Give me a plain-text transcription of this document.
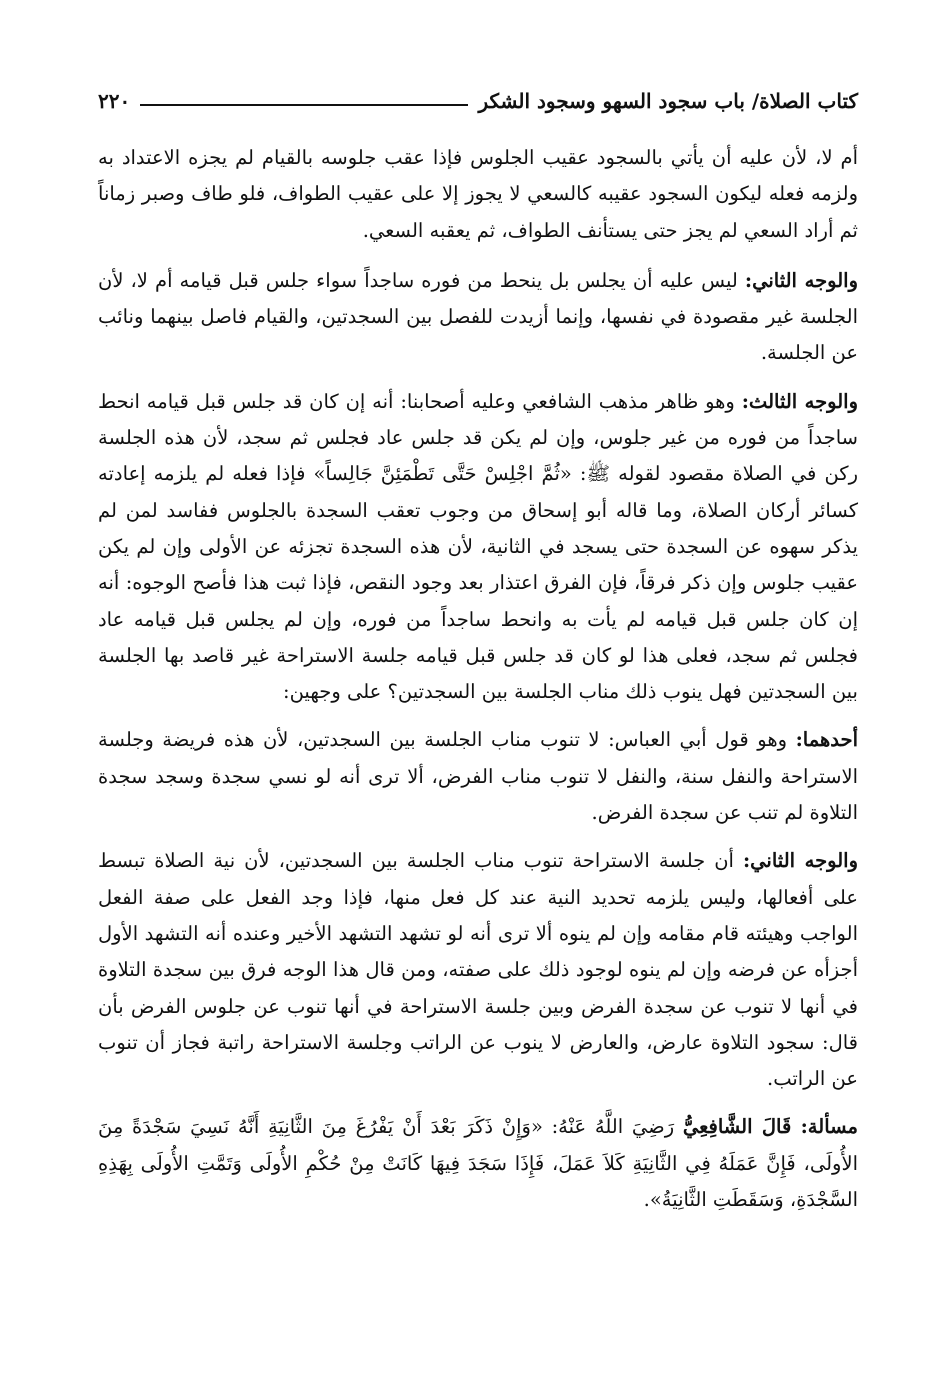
٢٢٠	كتاب الصلاة/ باب سجود السهو وسجود الشكر

أم لا، لأن عليه أن يأتي بالسجود عقيب الجلوس فإذا عقب جلوسه بالقيام لم يجزه الاعتداد به ولزمه فعله ليكون السجود عقيبه كالسعي لا يجوز إلا على عقيب الطواف، فلو طاف وصبر زماناً ثم أراد السعي لم يجز حتى يستأنف الطواف، ثم يعقبه السعي.

والوجه الثاني: ليس عليه أن يجلس بل ينحط من فوره ساجداً سواء جلس قبل قيامه أم لا، لأن الجلسة غير مقصودة في نفسها، وإنما أزيدت للفصل بين السجدتين، والقيام فاصل بينهما ونائب عن الجلسة.

والوجه الثالث: وهو ظاهر مذهب الشافعي وعليه أصحابنا: أنه إن كان قد جلس قبل قيامه انحط ساجداً من فوره من غير جلوس، وإن لم يكن قد جلس عاد فجلس ثم سجد، لأن هذه الجلسة ركن في الصلاة مقصود لقوله ﷺ: «ثُمَّ اجْلِسْ حَتَّى تَطْمَئِنَّ جَالِساً» فإذا فعله لم يلزمه إعادته كسائر أركان الصلاة، وما قاله أبو إسحاق من وجوب تعقب السجدة بالجلوس ففاسد لمن لم يذكر سهوه عن السجدة حتى يسجد في الثانية، لأن هذه السجدة تجزئه عن الأولى وإن لم يكن عقيب جلوس وإن ذكر فرقاً، فإن الفرق اعتذار بعد وجود النقص، فإذا ثبت هذا فأصح الوجوه: أنه إن كان جلس قبل قيامه لم يأت به وانحط ساجداً من فوره، وإن لم يجلس قبل قيامه عاد فجلس ثم سجد، فعلى هذا لو كان قد جلس قبل قيامه جلسة الاستراحة غير قاصد بها الجلسة بين السجدتين فهل ينوب ذلك مناب الجلسة بين السجدتين؟ على وجهين:

أحدهما: وهو قول أبي العباس: لا تنوب مناب الجلسة بين السجدتين، لأن هذه فريضة وجلسة الاستراحة والنفل سنة، والنفل لا تنوب مناب الفرض، ألا ترى أنه لو نسي سجدة وسجد سجدة التلاوة لم تنب عن سجدة الفرض.

والوجه الثاني: أن جلسة الاستراحة تنوب مناب الجلسة بين السجدتين، لأن نية الصلاة تبسط على أفعالها، وليس يلزمه تحديد النية عند كل فعل منها، فإذا وجد الفعل على صفة الفعل الواجب وهيئته قام مقامه وإن لم ينوه ألا ترى أنه لو تشهد التشهد الأخير وعنده أنه التشهد الأول أجزأه عن فرضه وإن لم ينوه لوجود ذلك على صفته، ومن قال هذا الوجه فرق بين سجدة التلاوة في أنها لا تنوب عن سجدة الفرض وبين جلسة الاستراحة في أنها تنوب عن جلوس الفرض بأن قال: سجود التلاوة عارض، والعارض لا ينوب عن الراتب وجلسة الاستراحة راتبة فجاز أن تنوب عن الراتب.

مسألة: قَالَ الشَّافِعِيُّ رَضِيَ اللَّهُ عَنْهُ: «وَإِنْ ذَكَرَ بَعْدَ أَنْ يَفْرُغَ مِنَ الثَّانِيَةِ أَنَّهُ نَسِيَ سَجْدَةً مِنَ الأُولَى، فَإِنَّ عَمَلَهُ فِي الثَّانِيَةِ كَلاَ عَمَلَ، فَإِذَا سَجَدَ فِيهَا كَانَتْ مِنْ حُكْمِ الأُولَى وَتَمَّتِ الأُولَى بِهَذِهِ السَّجْدَةِ، وَسَقَطَتِ الثَّانِيَةُ».
